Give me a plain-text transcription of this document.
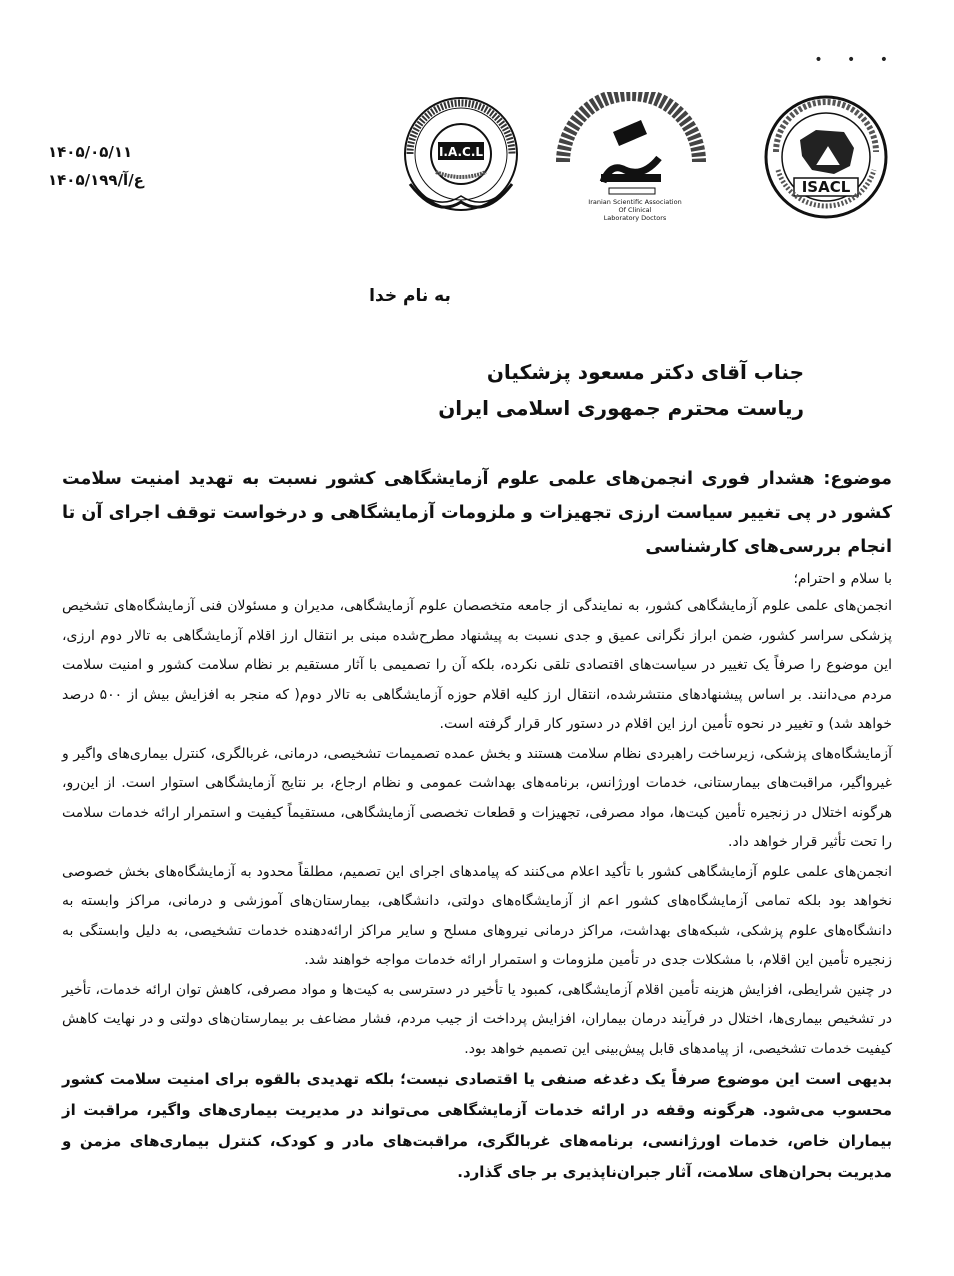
• • •
ISACL
Iranian Scientific Association
Of Clinical
Laboratory Doctors
I.A.C.L
۱۴۰۵/۰۵/۱۱
۱۴۰۵/۱۹۹/ع/آ
به نام خدا
جناب آقای دکتر مسعود پزشکیان
ریاست محترم جمهوری اسلامی ایران

موضوع: هشدار فوری انجمن‌های علمی علوم آزمایشگاهی کشور نسبت به تهدید امنیت سلامت کشور در پی تغییر سیاست ارزی تجهیزات و ملزومات آزمایشگاهی و درخواست توقف اجرای آن تا انجام بررسی‌های کارشناسی

با سلام و احترام؛

انجمن‌های علمی علوم آزمایشگاهی کشور، به نمایندگی از جامعه متخصصان علوم آزمایشگاهی، مدیران و مسئولان فنی آزمایشگاه‌های تشخیص پزشکی سراسر کشور، ضمن ابراز نگرانی عمیق و جدی نسبت به پیشنهاد مطرح‌شده مبنی بر انتقال ارز اقلام آزمایشگاهی به تالار دوم ارزی، این موضوع را صرفاً یک تغییر در سیاست‌های اقتصادی تلقی نکرده، بلکه آن را تصمیمی با آثار مستقیم بر نظام سلامت کشور و امنیت سلامت مردم می‌دانند. بر اساس پیشنهادهای منتشرشده، انتقال ارز کلیه اقلام حوزه آزمایشگاهی به تالار دوم( که منجر به افزایش بیش از ۵۰۰ درصد خواهد شد) و تغییر در نحوه تأمین ارز این اقلام در دستور کار قرار گرفته است.

آزمایشگاه‌های پزشکی، زیرساخت راهبردی نظام سلامت هستند و بخش عمده تصمیمات تشخیصی، درمانی، غربالگری، کنترل بیماری‌های واگیر و غیرواگیر، مراقبت‌های بیمارستانی، خدمات اورژانس، برنامه‌های بهداشت عمومی و نظام ارجاع، بر نتایج آزمایشگاهی استوار است. از این‌رو، هرگونه اختلال در زنجیره تأمین کیت‌ها، مواد مصرفی، تجهیزات و قطعات تخصصی آزمایشگاهی، مستقیماً کیفیت و استمرار ارائه خدمات سلامت را تحت تأثیر قرار خواهد داد.

انجمن‌های علمی علوم آزمایشگاهی کشور با تأکید اعلام می‌کنند که پیامدهای اجرای این تصمیم، مطلقاً محدود به آزمایشگاه‌های بخش خصوصی نخواهد بود بلکه تمامی آزمایشگاه‌های کشور اعم از آزمایشگاه‌های دولتی، دانشگاهی، بیمارستان‌های آموزشی و درمانی، مراکز وابسته به دانشگاه‌های علوم پزشکی، شبکه‌های بهداشت، مراکز درمانی نیروهای مسلح و سایر مراکز ارائه‌دهنده خدمات تشخیصی، به دلیل وابستگی به زنجیره تأمین این اقلام، با مشکلات جدی در تأمین ملزومات و استمرار ارائه خدمات مواجه خواهند شد.

در چنین شرایطی، افزایش هزینه تأمین اقلام آزمایشگاهی، کمبود یا تأخیر در دسترسی به کیت‌ها و مواد مصرفی، کاهش توان ارائه خدمات، تأخیر در تشخیص بیماری‌ها، اختلال در فرآیند درمان بیماران، افزایش پرداخت از جیب مردم، فشار مضاعف بر بیمارستان‌های دولتی و در نهایت کاهش کیفیت خدمات تشخیصی، از پیامدهای قابل پیش‌بینی این تصمیم خواهد بود.

بدیهی است این موضوع صرفاً یک دغدغه صنفی یا اقتصادی نیست؛ بلکه تهدیدی بالقوه برای امنیت سلامت کشور محسوب می‌شود. هرگونه وقفه در ارائه خدمات آزمایشگاهی می‌تواند در مدیریت بیماری‌های واگیر، مراقبت از بیماران خاص، خدمات اورژانسی، برنامه‌های غربالگری، مراقبت‌های مادر و کودک، کنترل بیماری‌های مزمن و مدیریت بحران‌های سلامت، آثار جبران‌ناپذیری بر جای گذارد.
